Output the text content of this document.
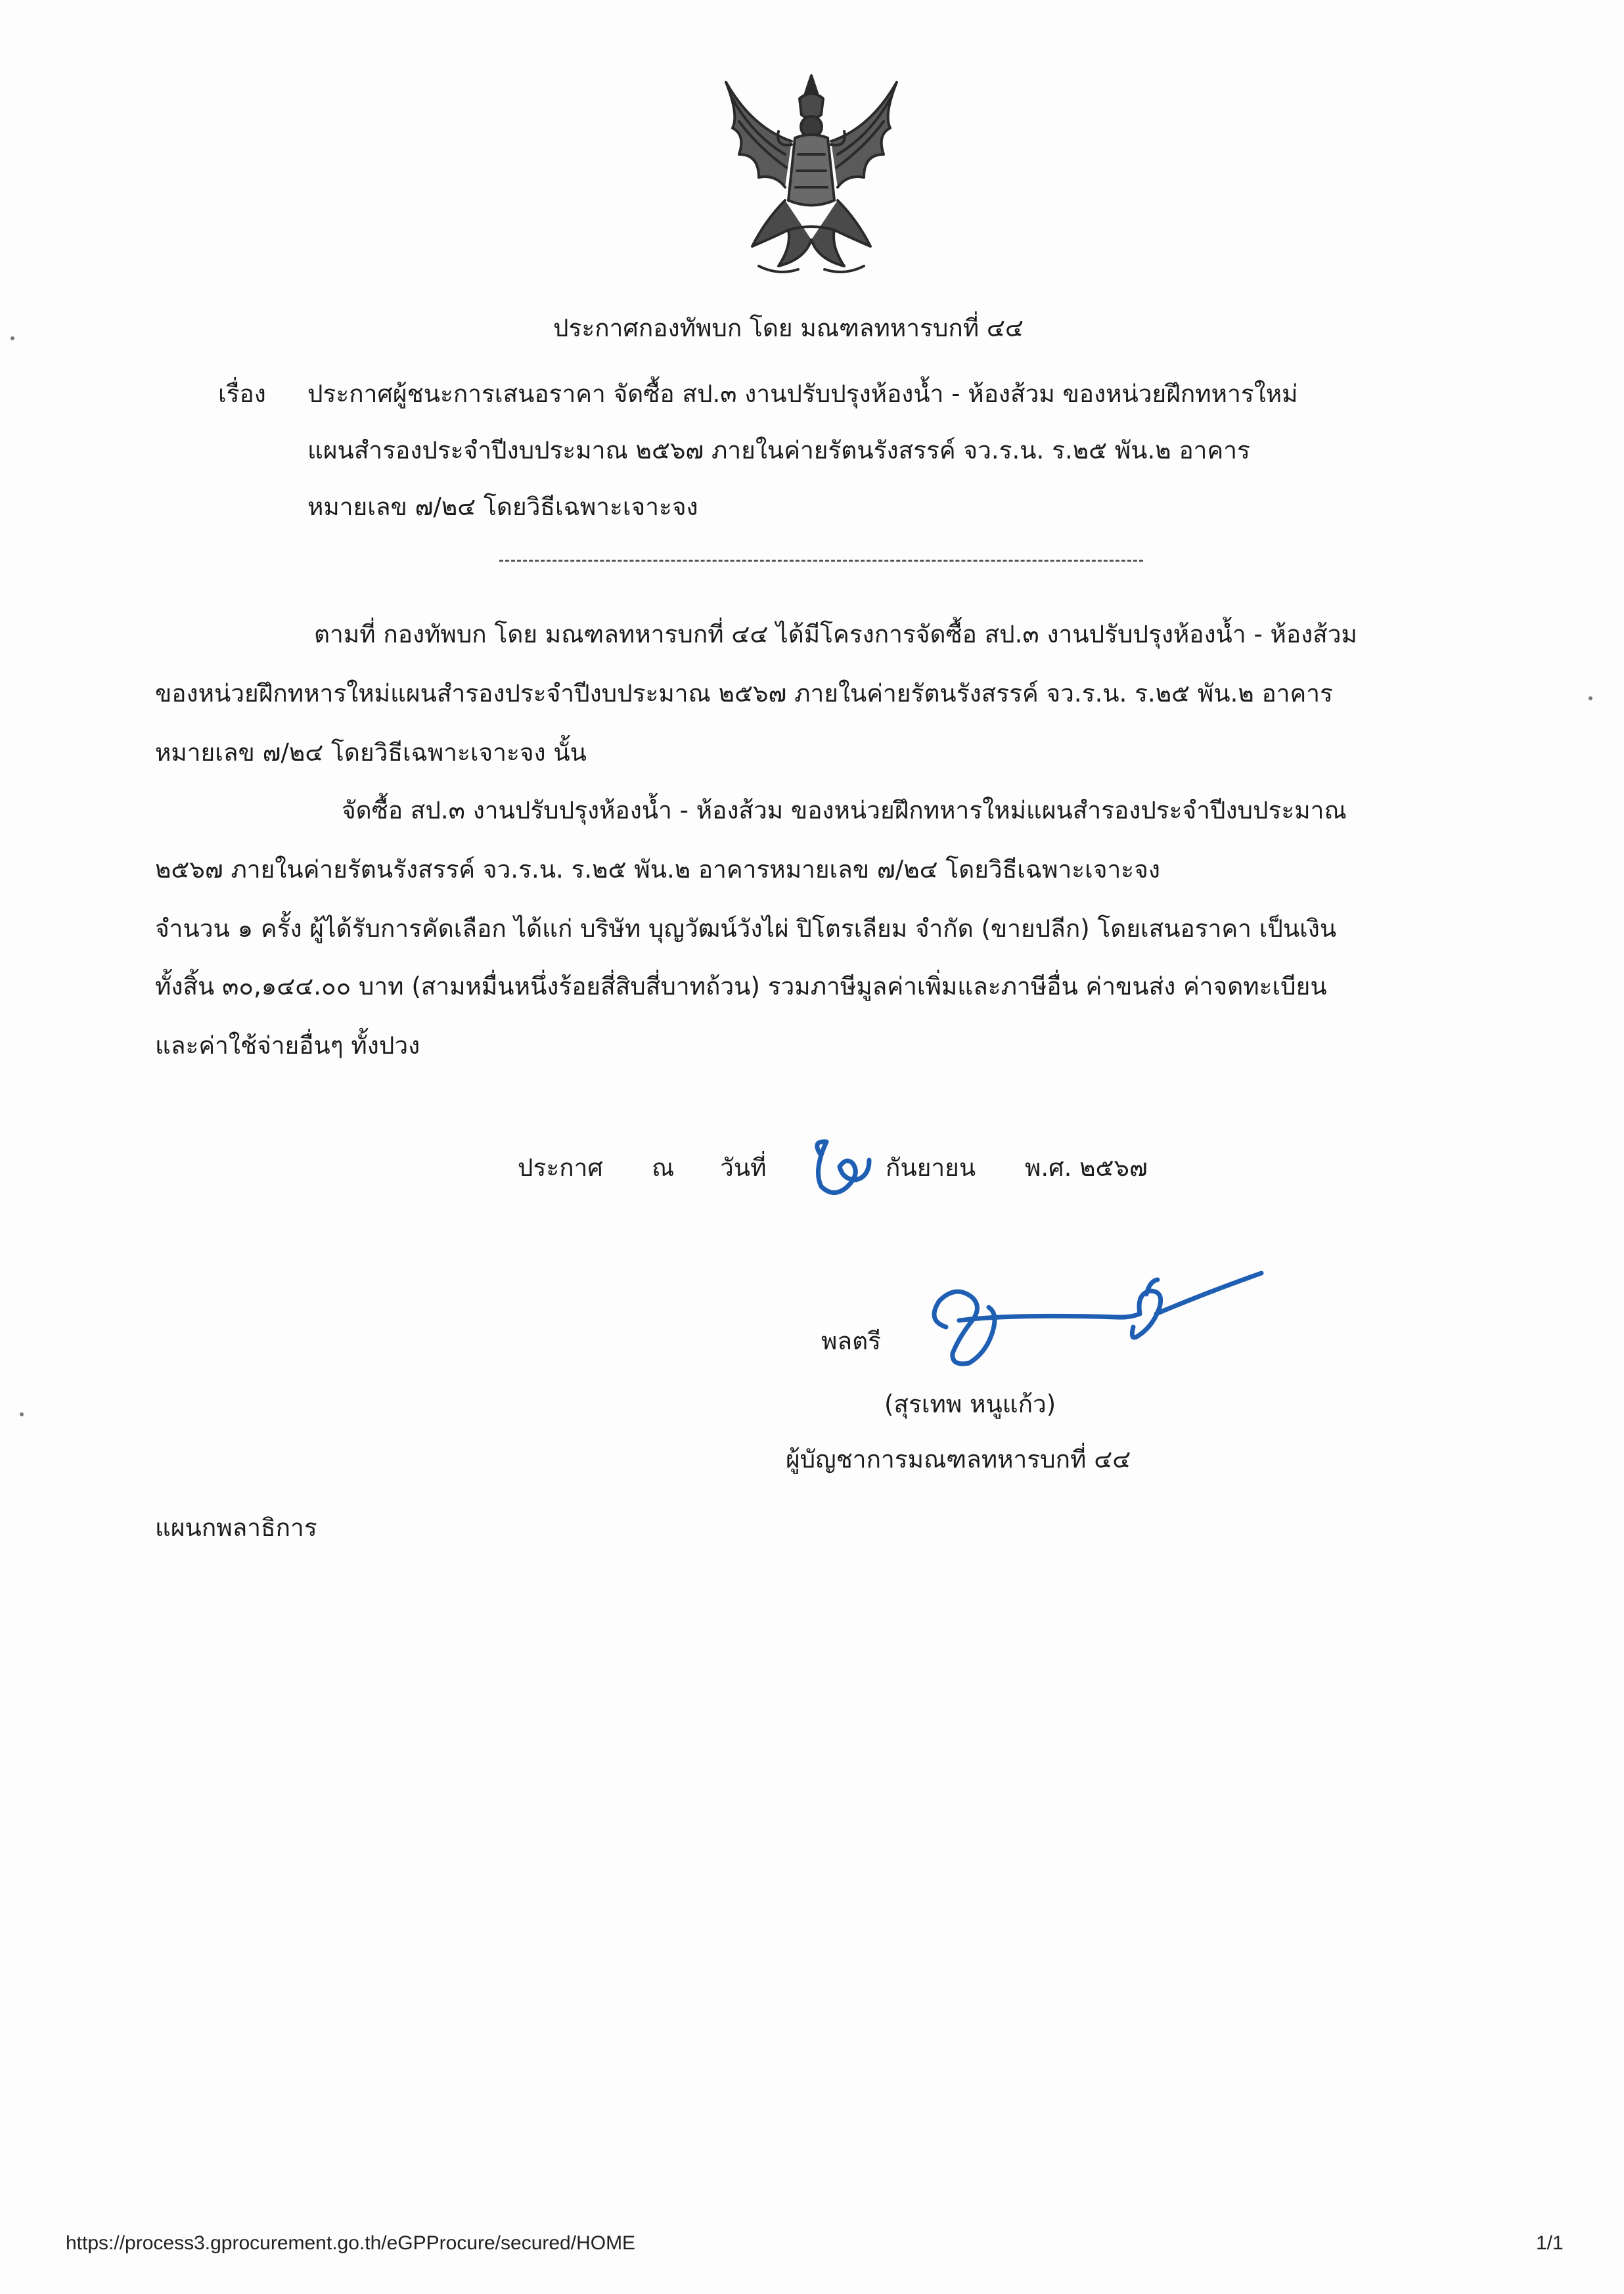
ประกาศกองทัพบก โดย มณฑลทหารบกที่ ๔๔
เรื่อง ประกาศผู้ชนะการเสนอราคา จัดซื้อ สป.๓ งานปรับปรุงห้องน้ำ - ห้องส้วม ของหน่วยฝึกทหารใหม่
แผนสำรองประจำปีงบประมาณ ๒๕๖๗ ภายในค่ายรัตนรังสรรค์ จว.ร.น. ร.๒๕ พัน.๒ อาคาร
หมายเลข ๗/๒๔ โดยวิธีเฉพาะเจาะจง
ตามที่ กองทัพบก โดย มณฑลทหารบกที่ ๔๔ ได้มีโครงการจัดซื้อ สป.๓ งานปรับปรุงห้องน้ำ - ห้องส้วม
ของหน่วยฝึกทหารใหม่แผนสำรองประจำปีงบประมาณ ๒๕๖๗ ภายในค่ายรัตนรังสรรค์ จว.ร.น. ร.๒๕ พัน.๒ อาคาร
หมายเลข ๗/๒๔ โดยวิธีเฉพาะเจาะจง นั้น
จัดซื้อ สป.๓ งานปรับปรุงห้องน้ำ - ห้องส้วม ของหน่วยฝึกทหารใหม่แผนสำรองประจำปีงบประมาณ
๒๕๖๗ ภายในค่ายรัตนรังสรรค์ จว.ร.น. ร.๒๕ พัน.๒ อาคารหมายเลข ๗/๒๔ โดยวิธีเฉพาะเจาะจง
จำนวน ๑ ครั้ง ผู้ได้รับการคัดเลือก ได้แก่ บริษัท บุญวัฒน์วังไผ่ ปิโตรเลียม จำกัด (ขายปลีก) โดยเสนอราคา เป็นเงิน
ทั้งสิ้น ๓๐,๑๔๔.๐๐ บาท (สามหมื่นหนึ่งร้อยสี่สิบสี่บาทถ้วน) รวมภาษีมูลค่าเพิ่มและภาษีอื่น ค่าขนส่ง ค่าจดทะเบียน
และค่าใช้จ่ายอื่นๆ ทั้งปวง
ประกาศ ณ วันที่	กันยายน พ.ศ. ๒๕๖๗
พลตรี
(สุรเทพ หนูแก้ว)
ผู้บัญชาการมณฑลทหารบกที่ ๔๔
แผนกพลาธิการ
https://process3.gprocurement.go.th/eGPProcure/secured/HOME	1/1
